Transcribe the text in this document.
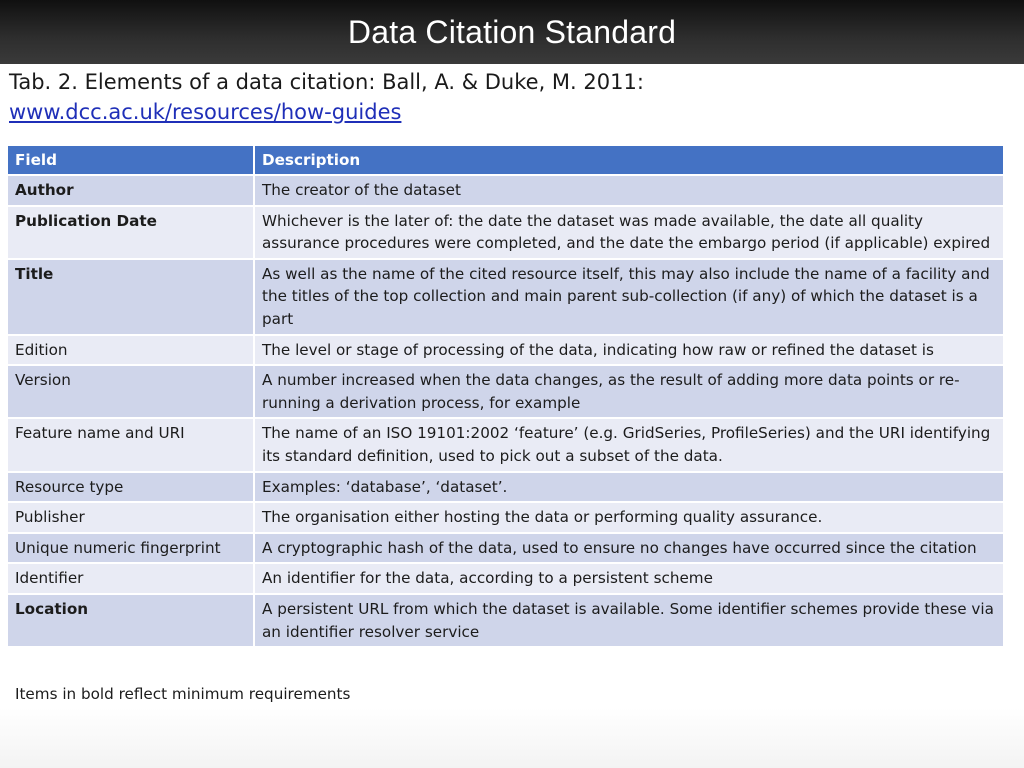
Data Citation Standard
Tab. 2. Elements of a data citation: Ball, A. & Duke, M. 2011:
www.dcc.ac.uk/resources/how-guides
Field	Description
Author	The creator of the dataset
Publication Date	Whichever is the later of: the date the dataset was made available, the date all quality assurance procedures were completed, and the date the embargo period (if applicable) expired
Title	As well as the name of the cited resource itself, this may also include the name of a facility and the titles of the top collection and main parent sub-collection (if any) of which the dataset is a part
Edition	The level or stage of processing of the data, indicating how raw or refined the dataset is
Version	A number increased when the data changes, as the result of adding more data points or re-running a derivation process, for example
Feature name and URI	The name of an ISO 19101:2002 ‘feature’ (e.g. GridSeries, ProfileSeries) and the URI identifying its standard definition, used to pick out a subset of the data.
Resource type	Examples: ‘database’, ‘dataset’.
Publisher	The organisation either hosting the data or performing quality assurance.
Unique numeric fingerprint	A cryptographic hash of the data, used to ensure no changes have occurred since the citation
Identifier	An identifier for the data, according to a persistent scheme
Location	A persistent URL from which the dataset is available. Some identifier schemes provide these via an identifier resolver service
Items in bold reflect minimum requirements
